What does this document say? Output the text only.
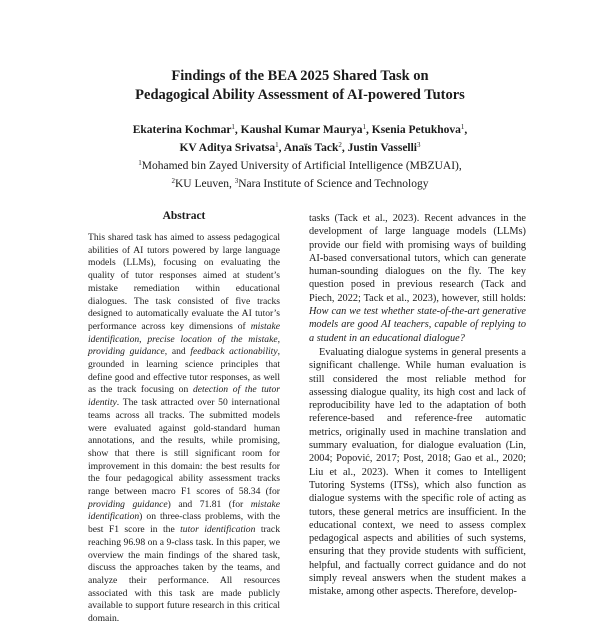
Findings of the BEA 2025 Shared Task on
Pedagogical Ability Assessment of AI-powered Tutors
Ekaterina Kochmar$^1$, Kaushal Kumar Maurya$^1$, Ksenia Petukhova$^1$,
KV Aditya Srivatsa$^1$, Anaïs Tack$^2$, Justin Vasselli$^3$
$^1$Mohamed bin Zayed University of Artificial Intelligence (MBZUAI),
$^2$KU Leuven, $^3$Nara Institute of Science and Technology
Abstract

This shared task has aimed to assess pedagogical abilities of AI tutors powered by large language models (LLMs), focusing on evaluating the quality of tutor responses aimed at student’s mistake remediation within educational dialogues. The task consisted of five tracks designed to automatically evaluate the AI tutor’s performance across key dimensions of mistake identification, precise location of the mistake, providing guidance, and feedback actionability, grounded in learning science principles that define good and effective tutor responses, as well as the track focusing on detection of the tutor identity. The task attracted over 50 international teams across all tracks. The submitted models were evaluated against gold-standard human annotations, and the results, while promising, show that there is still significant room for improvement in this domain: the best results for the four pedagogical ability assessment tracks range between macro F1 scores of 58.34 (for providing guidance) and 71.81 (for mistake identification) on three-class problems, with the best F1 score in the tutor identification track reaching 96.98 on a 9-class task. In this paper, we overview the main findings of the shared task, discuss the approaches taken by the teams, and analyze their performance. All resources associated with this task are made publicly available to support future research in this critical domain.

tasks (Tack et al., 2023). Recent advances in the development of large language models (LLMs) provide our field with promising ways of building AI-based conversational tutors, which can generate human-sounding dialogues on the fly. The key question posed in previous research (Tack and Piech, 2022; Tack et al., 2023), however, still holds: How can we test whether state-of-the-art generative models are good AI teachers, capable of replying to a student in an educational dialogue?

Evaluating dialogue systems in general presents a significant challenge. While human evaluation is still considered the most reliable method for assessing dialogue quality, its high cost and lack of reproducibility have led to the adaptation of both reference-based and reference-free automatic metrics, originally used in machine translation and summary evaluation, for dialogue evaluation (Lin, 2004; Popović, 2017; Post, 2018; Gao et al., 2020; Liu et al., 2023). When it comes to Intelligent Tutoring Systems (ITSs), which also function as dialogue systems with the specific role of acting as tutors, these general metrics are insufficient. In the educational context, we need to assess complex pedagogical aspects and abilities of such systems, ensuring that they provide students with sufficient, helpful, and factually correct guidance and do not simply reveal answers when the student makes a mistake, among other aspects. Therefore, develop-
